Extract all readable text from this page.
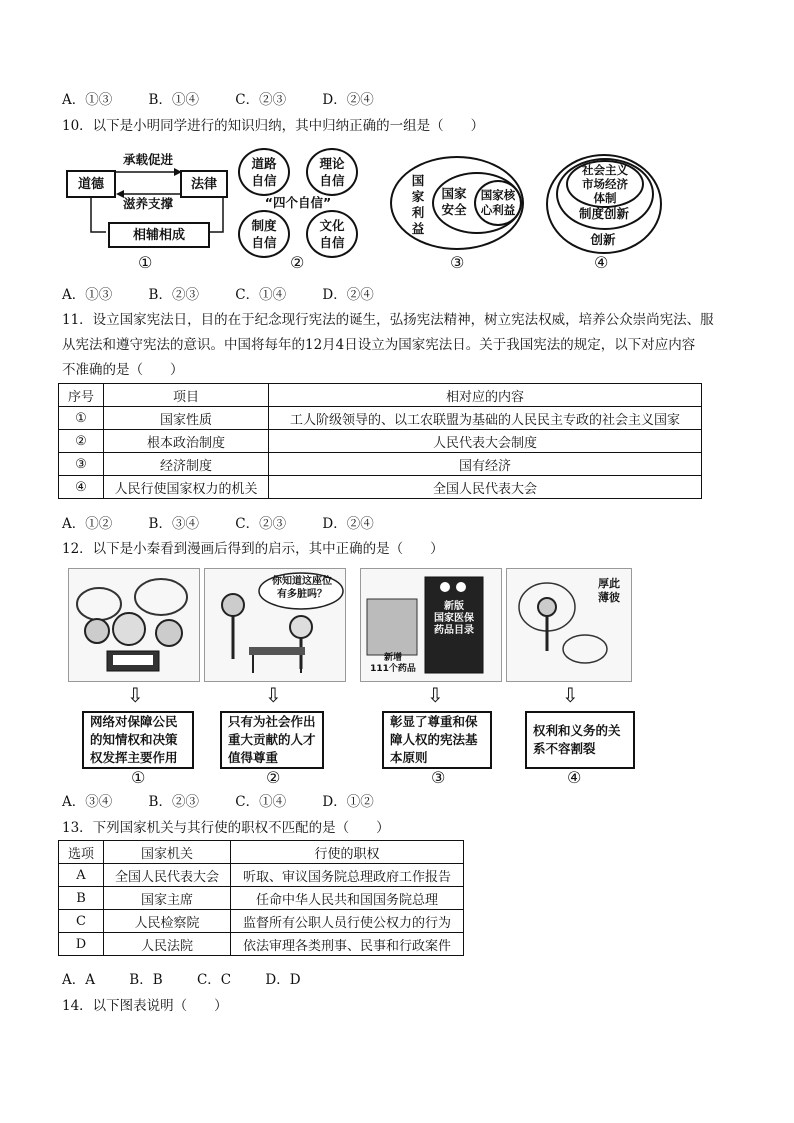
A．①③	B．①④	C．②③	D．②④
10．以下是小明同学进行的知识归纳，其中归纳正确的一组是（　　）
道德	法律
承载促进
滋养支撑
相辅相成
①
道路
自信
理论
自信
“四个自信”
制度
自信
文化
自信
②
国
家
利
益
国家
安全
国家核
心利益
③
社会主义
市场经济
体制
制度创新
创新
④
A．①③	B．②③	C．①④	D．②④
11．设立国家宪法日，目的在于纪念现行宪法的诞生，弘扬宪法精神，树立宪法权威，培养公众崇尚宪法、服
从宪法和遵守宪法的意识。中国将每年的12月4日设立为国家宪法日。关于我国宪法的规定，以下对应内容
不准确的是（　　）
序号	项目	相对应的内容
①	国家性质	工人阶级领导的、以工农联盟为基础的人民民主专政的社会主义国家
②	根本政治制度	人民代表大会制度
③	经济制度	国有经济
④	人民行使国家权力的机关	全国人民代表大会
A．①②	B．③④	C．②③	D．②④
12．以下是小秦看到漫画后得到的启示，其中正确的是（　　）
你知道这座位
有多脏吗？
新版
国家医保
药品目录
新增
111个药品
厚此
薄彼
⇩	⇩	⇩	⇩
网络对保障公民的知情权和决策权发挥主要作用
只有为社会作出重大贡献的人才值得尊重
彰显了尊重和保障人权的宪法基本原则
权利和义务的关系不容割裂
①	②	③	④
A．③④	B．②③	C．①④	D．①②
13．下列国家机关与其行使的职权不匹配的是（　　）
选项	国家机关	行使的职权
A	全国人民代表大会	听取、审议国务院总理政府工作报告
B	国家主席	任命中华人民共和国国务院总理
C	人民检察院	监督所有公职人员行使公权力的行为
D	人民法院	依法审理各类刑事、民事和行政案件
A．A	B．B	C．C	D．D
14．以下图表说明（　　）
